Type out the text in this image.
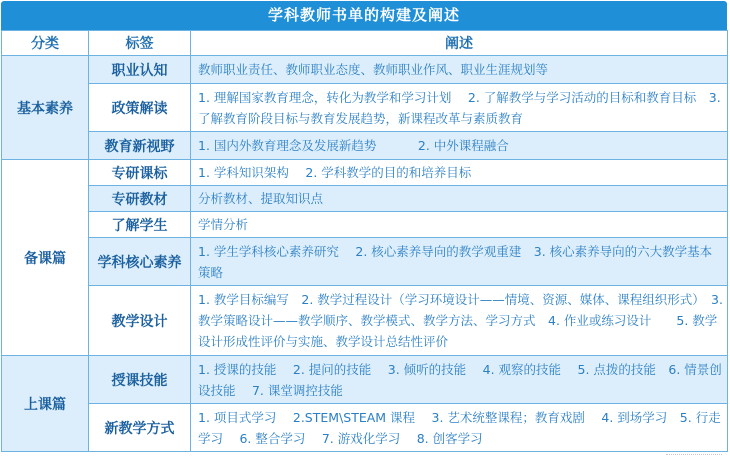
学科教师书单的构建及阐述
分类	标签	阐述
基本素养	职业认知	教师职业责任、教师职业态度、教师职业作风、职业生涯规划等
	政策解读	1. 理解国家教育理念，转化为教学和学习计划　 2. 了解教学与学习活动的目标和教育目标　3. 了解教育阶段目标与教育发展趋势，新课程改革与素质教育
	教育新视野	1. 国内外教育理念及发展新趋势　　　 2. 中外课程融合
备课篇	专研课标	1. 学科知识架构　 2. 学科教学的目的和培养目标
	专研教材	分析教材、提取知识点
	了解学生	学情分析
	学科核心素养	1. 学生学科核心素养研究　 2. 核心素养导向的教学观重建　3. 核心素养导向的六大教学基本策略
	教学设计	1. 教学目标编写　2. 教学过程设计（学习环境设计——情境、资源、媒体、课程组织形式）　3. 教学策略设计——教学顺序、教学模式、教学方法、学习方式　4. 作业或练习设计　　5. 教学设计形成性评价与实施、教学设计总结性评价
上课篇	授课技能	1. 授课的技能　 2. 提问的技能　 3. 倾听的技能　 4. 观察的技能　 5. 点拨的技能　6. 情景创设技能　 7. 课堂调控技能
	新教学方式	1. 项目式学习　 2.STEM\STEAM 课程　 3. 艺术统整课程；教育戏剧　 4. 到场学习　5. 行走学习　 6. 整合学习　 7. 游戏化学习　 8. 创客学习
